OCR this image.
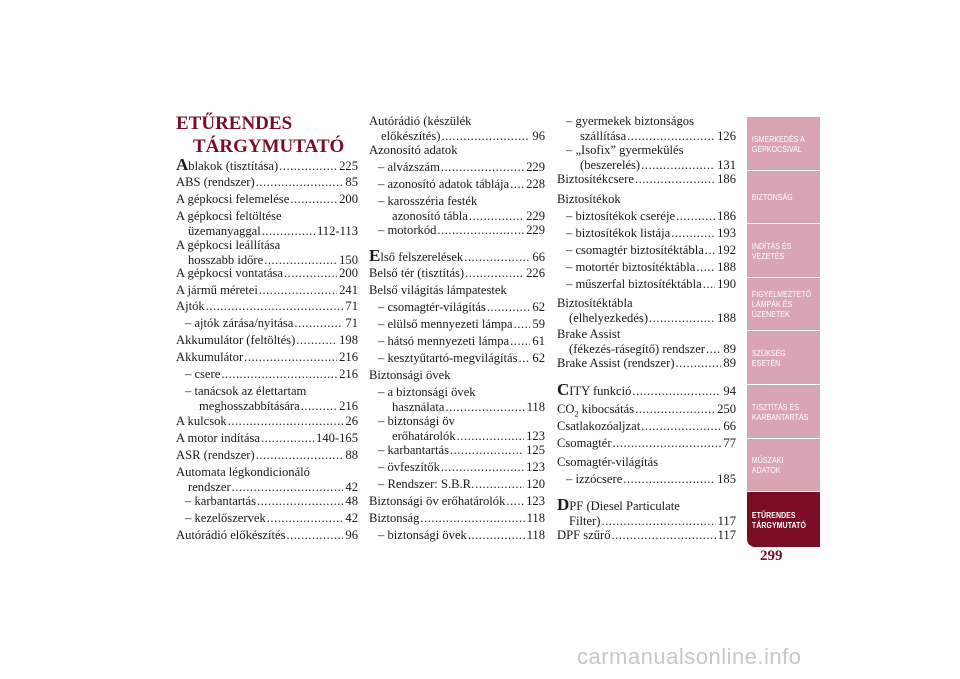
ETŰRENDES
TÁRGYMUTATÓ
Ablakok (tisztítása) .....	225
ABS (rendszer) .....	85
A gépkocsi felemelése .....	200
A gépkocsi feltöltése
üzemanyaggal .....	112-113
A gépkocsi leállítása
hosszabb időre .....	150
A gépkocsi vontatása .....	200
A jármű méretei .....	241
Ajtók .....	71
– ajtók zárása/nyitása .....	71
Akkumulátor (feltöltés) .....	198
Akkumulátor .....	216
– csere .....	216
– tanácsok az élettartam
meghosszabbítására .....	216
A kulcsok .....	26
A motor indítása .....	140-165
ASR (rendszer) .....	88
Automata légkondicionáló
rendszer .....	42
– karbantartás .....	48
– kezelőszervek .....	42
Autórádió előkészítés .....	96
Autórádió (készülék
előkészítés) .....	96
Azonosító adatok
– alvázszám .....	229
– azonosító adatok táblája ..... 228
– karosszéria festék
azonosító tábla .....	229
– motorkód .....	229
Első felszerelések .....	66
Belső tér (tisztítás) .....	226
Belső világítás lámpatestek
– csomagtér-világítás .....	62
– elülső mennyezeti lámpa ..... 59
– hátsó mennyezeti lámpa ..... 61
– kesztyűtartó-megvilágítás ..... 62
Biztonsági övek
– a biztonsági övek
használata .....	118
– biztonsági öv
erőhatárolók .....	123
– karbantartás .....	125
– övfeszítők .....	123
– Rendszer: S.B.R. .....	120
Biztonsági öv erőhatárolók ..... 123
Biztonság .....	118
– biztonsági övek .....	118
– gyermekek biztonságos
szállítása .....	126
– „Isofix” gyermekülés
(beszerelés) .....	131
Biztosítékcsere .....	186
Biztosítékok
– biztosítékok cseréje .....	186
– biztosítékok listája .....	193
– csomagtér biztosítéktábla ..... 192
– motortér biztosítéktábla ..... 188
– műszerfal biztosítéktábla ..... 190
Biztosítéktábla
(elhelyezkedés) .....	188
Brake Assist
(fékezés-rásegítő) rendszer ..... 89
Brake Assist (rendszer) .....	89
CITY funkció .....	94
$CO_2$ kibocsátás .....	250
Csatlakozóaljzat .....	66
Csomagtér .....	77
Csomagtér-világítás
– izzócsere .....	185
DPF (Diesel Particulate
Filter) .....	117
DPF szűrő .....	117
ISMERKEDÉS A GÉPKOCSIVAL
BIZTONSÁG
INDÍTÁS ÉS VEZETÉS
FIGYELMEZTETŐ LÁMPÁK ÉS ÜZENETEK
SZÜKSÉG ESETÉN
TISZTÍTÁS ÉS KARBANTARTÁS
MŰSZAKI ADATOK
ETŰRENDES TÁRGYMUTATÓ
299
carmanualsonline.info
